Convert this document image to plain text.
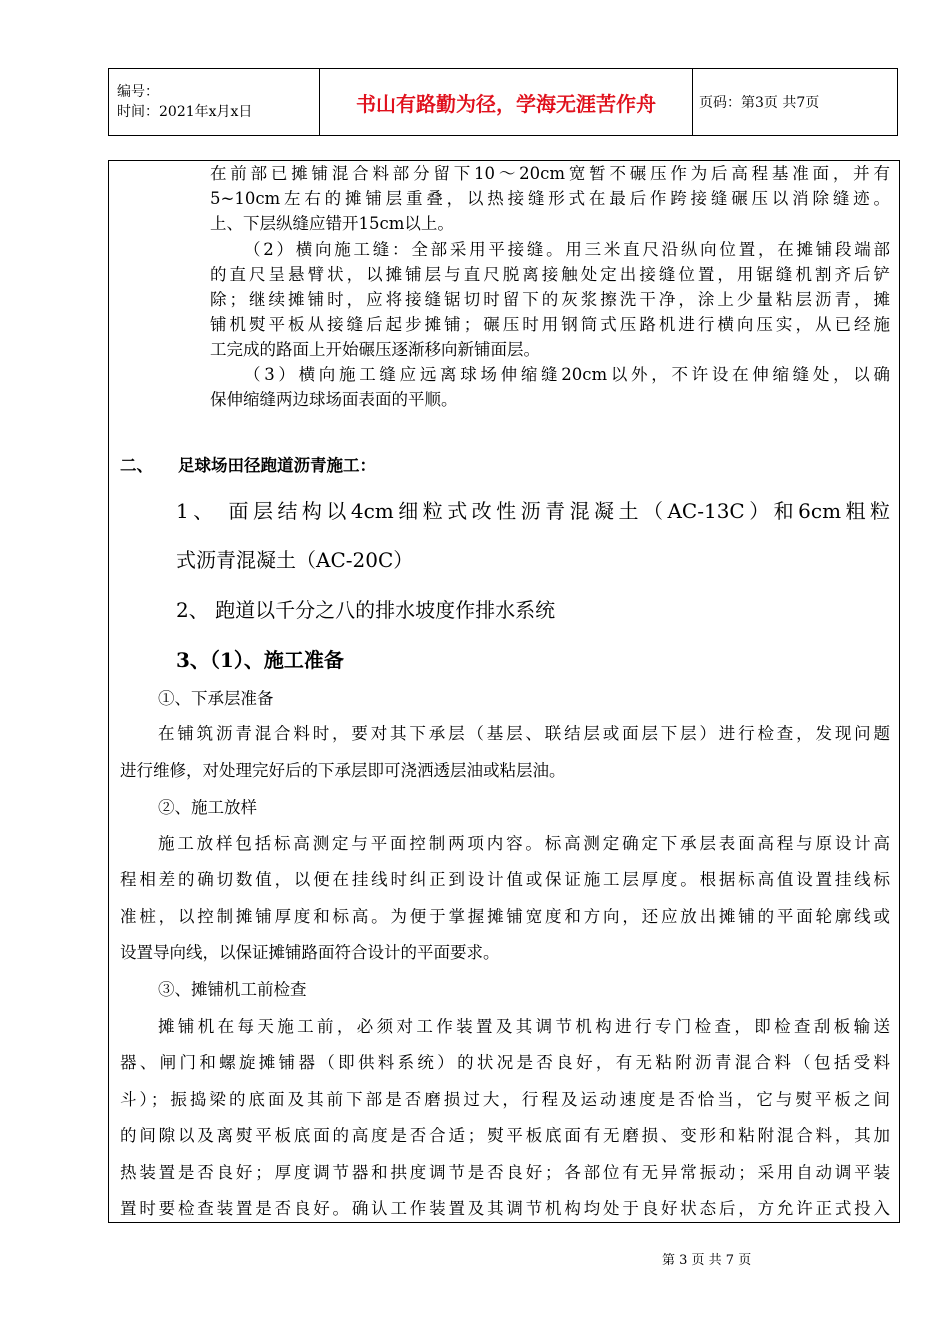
编号：
时间：2021年x月x日	书山有路勤为径，学海无涯苦作舟	页码：第3页 共7页
在前部已摊铺混合料部分留下10～20cm宽暂不碾压作为后高程基准面，并有
5~10cm左右的摊铺层重叠，以热接缝形式在最后作跨接缝碾压以消除缝迹。
上、下层纵缝应错开15cm以上。
（2）横向施工缝：全部采用平接缝。用三米直尺沿纵向位置，在摊铺段端部
的直尺呈悬臂状，以摊铺层与直尺脱离接触处定出接缝位置，用锯缝机割齐后铲
除；继续摊铺时，应将接缝锯切时留下的灰浆擦洗干净，涂上少量粘层沥青，摊
铺机熨平板从接缝后起步摊铺；碾压时用钢筒式压路机进行横向压实，从已经施
工完成的路面上开始碾压逐渐移向新铺面层。
（3）横向施工缝应远离球场伸缩缝20cm以外，不许设在伸缩缝处，以确
保伸缩缝两边球场面表面的平顺。
二、 足球场田径跑道沥青施工：
1、 面层结构以4cm细粒式改性沥青混凝土（AC-13C）和6cm粗粒
式沥青混凝土（AC-20C）
2、 跑道以千分之八的排水坡度作排水系统
3、（1）、施工准备
①、下承层准备
在铺筑沥青混合料时，要对其下承层（基层、联结层或面层下层）进行检查，发现问题
进行维修，对处理完好后的下承层即可浇洒透层油或粘层油。
②、施工放样
施工放样包括标高测定与平面控制两项内容。标高测定确定下承层表面高程与原设计高
程相差的确切数值，以便在挂线时纠正到设计值或保证施工层厚度。根据标高值设置挂线标
准桩，以控制摊铺厚度和标高。为便于掌握摊铺宽度和方向，还应放出摊铺的平面轮廓线或
设置导向线，以保证摊铺路面符合设计的平面要求。
③、摊铺机工前检查
摊铺机在每天施工前，必须对工作装置及其调节机构进行专门检查，即检查刮板输送
器、闸门和螺旋摊铺器（即供料系统）的状况是否良好，有无粘附沥青混合料（包括受料
斗）；振捣梁的底面及其前下部是否磨损过大，行程及运动速度是否恰当，它与熨平板之间
的间隙以及离熨平板底面的高度是否合适；熨平板底面有无磨损、变形和粘附混合料，其加
热装置是否良好；厚度调节器和拱度调节是否良好；各部位有无异常振动；采用自动调平装
置时要检查装置是否良好。确认工作装置及其调节机构均处于良好状态后，方允许正式投入
第 3 页 共 7 页
